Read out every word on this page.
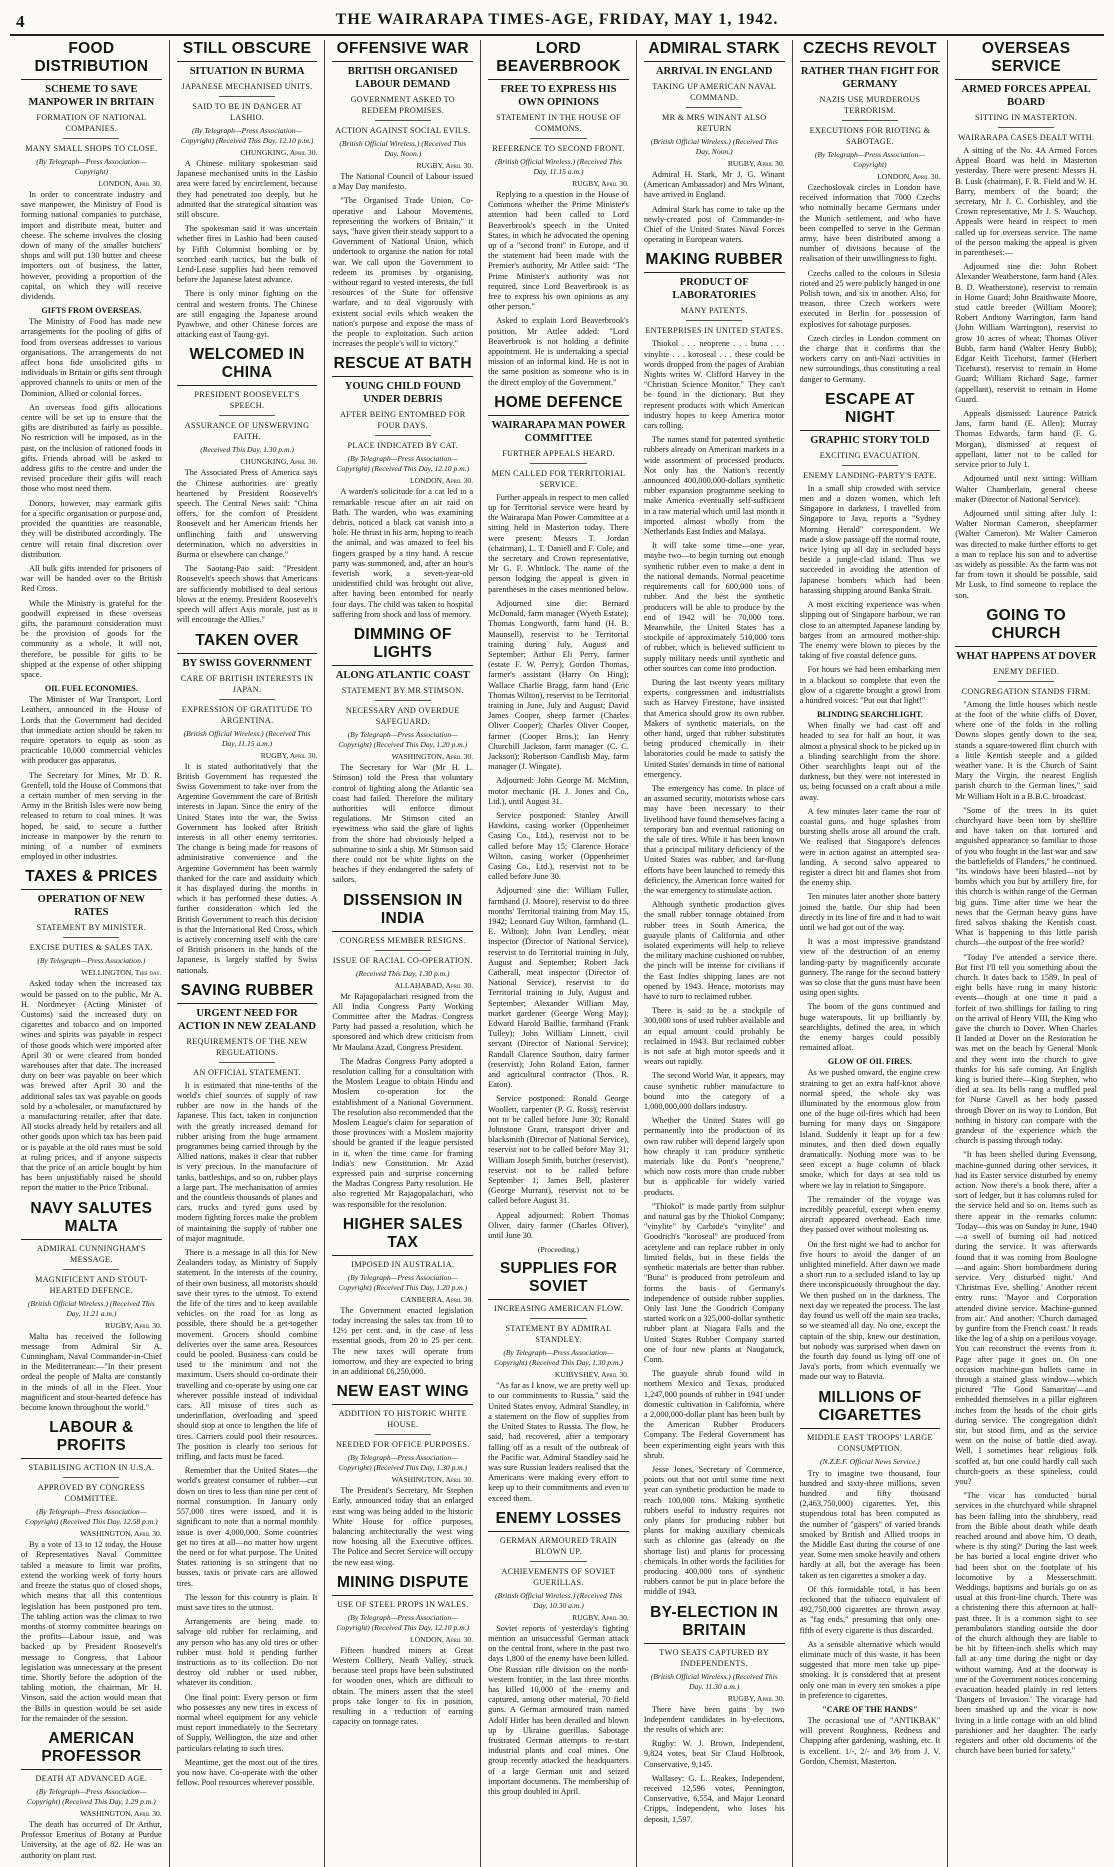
4	THE WAIRARAPA TIMES-AGE, FRIDAY, MAY 1, 1942.
FOOD DISTRIBUTION
SCHEME TO SAVE MANPOWER IN BRITAIN
FORMATION OF NATIONAL COMPANIES.
MANY SMALL SHOPS TO CLOSE.
(By Telegraph—Press Association—Copyright)
LONDON, April 30.

In order to concentrate industry and save manpower, the Ministry of Food is forming national companies to purchase, import and distribute meat, butter and cheese. The scheme involves the closing down of many of the smaller butchers' shops and will put 130 butter and cheese importers out of business, the latter, however, providing a proportion of the capital, on which they will receive dividends.

GIFTS FROM OVERSEAS.

The Ministry of Food has made new arrangements for the pooling of gifts of food from overseas addresses to various organisations. The arrangements do not affect bona fide unsolicited gifts to individuals in Britain or gifts sent through approved channels to units or men of the Dominion, Allied or colonial forces.

An overseas food gifts allocations centre will be set up to ensure that the gifts are distributed as fairly as possible. No restriction will be imposed, as in the past, on the inclusion of rationed foods in gifts. Friends abroad will be asked to address gifts to the centre and under the revised procedure their gifts will reach those who most need them.

Donors, however, may earmark gifts for a specific organisation or purpose and, provided the quantities are reasonable, they will be distributed accordingly. The centre will retain final discretion over distribution.

All bulk gifts intended for prisoners of war will be handed over to the British Red Cross.

While the Ministry is grateful for the goodwill expressed in these overseas gifts, the paramount consideration must be the provision of goods for the community as a whole. It will not, therefore, be possible for gifts to be shipped at the expense of other shipping space.

OIL FUEL ECONOMIES.

The Minister of War Transport, Lord Leathers, announced in the House of Lords that the Government had decided that immediate action should be taken to require operators to equip as soon as practicable 10,000 commercial vehicles with producer gas apparatus.

The Secretary for Mines, Mr D. R. Grenfell, told the House of Commons that a certain number of men serving in the Army in the British Isles were now being released to return to coal mines. It was hoped, he said, to secure a further increase in manpower by the return to mining of a number of exminers employed in other industries.

TAXES & PRICES
OPERATION OF NEW RATES
STATEMENT BY MINISTER.
EXCISE DUTIES & SALES TAX.
(By Telegraph—Press Association.)
WELLINGTON, This day.

Asked today when the increased tax would be passed on to the public, Mr A. H. Nordmeyer (Acting Minister of Customs) said the increased duty on cigarettes and tobacco and on imported wines and spirits was payable in respect of those goods which were imported after April 30 or were cleared from bonded warehouses after that date. The increased duty on beer was payable on beer which was brewed after April 30 and the additional sales tax was payable on goods sold by a wholesaler, or manufactured by a manufacturing retailer, after that date. All stocks already held by retailers and all other goods upon which tax has been paid or is payable at the old rates must be sold at ruling prices, and if anyone suspects that the price of an article bought by him has been unjustifiably raised he should report the matter to the Price Tribunal.

NAVY SALUTES MALTA
ADMIRAL CUNNINGHAM'S MESSAGE.
MAGNIFICENT AND STOUT-HEARTED DEFENCE.
(British Official Wireless.) (Received This Day, 11.21 a.m.)
RUGBY, April 30.

Malta has received the following message from Admiral Sir A. Cunningham, Naval Commander-in-Chief in the Mediterranean:—"In their present ordeal the people of Malta are constantly in the minds of all in the Fleet. Your magnificent and stout-hearted defence has become known throughout the world."

LABOUR & PROFITS
STABILISING ACTION IN U.S.A.
APPROVED BY CONGRESS COMMITTEE.
(By Telegraph—Press Association—Copyright) (Received This Day, 12.58 p.m.)
WASHINGTON, April 30.

By a vote of 13 to 12 today, the House of Representatives Naval Committee tabled a measure to limit war profits, extend the working week of forty hours and freeze the status quo of closed shops, which means that all this contentious legislation has been postponed pro tem. The tabling action was the climax to two months of stormy committee hearings on the profits—Labour issue, and was backed up by President Roosevelt's message to Congress, that Labour legislation was unnecessary at the present time. Shortly before the adoption of the tabling motion, the chairman, Mr H. Vinson, said the action would mean that the Bills in question would be set aside for the remainder of the session.

AMERICAN PROFESSOR
DEATH AT ADVANCED AGE.
(By Telegraph—Press Association—Copyright) (Received This Day, 1.29 p.m.)
WASHINGTON, April 30.

The death has occurred of Dr Arthur, Professor Emeritus of Botany at Purdue University, at the age of 82. He was an authority on plant rust.

STILL OBSCURE
SITUATION IN BURMA
JAPANESE MECHANISED UNITS.
SAID TO BE IN DANGER AT LASHIO.
(By Telegraph—Press Association—Copyright) (Received This Day, 12.10 p.m.)
CHUNGKING, April 30.

A Chinese military spokesman said Japanese mechanised units in the Lashio area were faced by encirclement, because they had penetrated too deeply, but he admitted that the strategical situation was still obscure.

The spokesman said it was uncertain whether fires in Lashio had been caused by Fifth Columnist bombing or by scorched earth tactics, but the bulk of Lend-Lease supplies had been removed before the Japanese latest advance.

There is only minor fighting on the central and western fronts. The Chinese are still engaging the Japanese around Pyawbwe, and other Chinese forces are attacking east of Taung-gyi.

WELCOMED IN CHINA
PRESIDENT ROOSEVELT'S SPEECH.
ASSURANCE OF UNSWERVING FAITH.
(Received This Day, 1.30 p.m.)
CHUNGKING, April 30.

The Associated Press of America says the Chinese authorities are greatly heartened by President Roosevelt's speech. The Central News said: "China offers, for the comfort of President Roosevelt and her American friends her unflinching faith and unswerving determination, which no adversities in Burma or elsewhere can change."

The Saotang-Pao said: "President Roosevelt's speech shows that Americans are sufficiently mobilised to deal serious blows at the enemy. President Roosevelt's speech will affect Axis morale, just as it will encourage the Allies."

TAKEN OVER
BY SWISS GOVERNMENT
CARE OF BRITISH INTERESTS IN JAPAN.
EXPRESSION OF GRATITUDE TO ARGENTINA.
(British Official Wireless.) (Received This Day, 11.15 a.m.)
RUGBY, April 30.

It is stated authoritatively that the British Government has requested the Swiss Government to take over from the Argentine Government the care of British interests in Japan. Since the entry of the United States into the war, the Swiss Government has looked after British interests in all other enemy territories. The change is being made for reasons of administrative convenience and the Argentine Government has been warmly thanked for the care and assiduity which it has displayed during the months in which it has performed these duties. A further consideration which led the British Government to reach this decision is that the International Red Cross, which is actively concerning itself with the care of British prisoners in the hands of the Japanese, is largely staffed by Swiss nationals.

SAVING RUBBER
URGENT NEED FOR ACTION IN NEW ZEALAND
REQUIREMENTS OF THE NEW REGULATIONS.
AN OFFICIAL STATEMENT.

It is estimated that nine-tenths of the world's chief sources of supply of raw rubber are now in the hands of the Japanese. This fact, taken in conjunction with the greatly increased demand for rubber arising from the huge armament programmes being carried through by the Allied nations, makes it clear that rubber is very precious. In the manufacture of tanks, battleships, and so on, rubber plays a large part. The mechanisation of armies and the countless thousands of planes and cars, trucks and tyred guns used by modern fighting forces make the problem of maintaining the supply of rubber one of major magnitude.

There is a message in all this for New Zealanders today, as Ministry of Supply statement. In the interests of the country, of their own business, all motorists should save their tyres to the utmost. To extend the life of the tires and to keep available vehicles on the road for as long as possible, there should be a get-together movement. Grocers should combine deliveries over the same area. Resources could be pooled. Business cars could be used to the minimum and not the maximum. Users should co-ordinate their travelling and co-operate by using one car wherever possible instead of individual cars. All misuse of tires such as underinflation, overloading and speed should stop at once to lengthen the life of tires. Carriers could pool their resources. The position is clearly too serious for trifling, and facts must be faced.

Remember that the United States—the world's greatest consumer of rubber—cut down on tires to less than nine per cent of normal consumption. In January only 557,000 tires were issued, and it is significant to note that a normal monthly issue is over 4,000,000. Some countries get no tires at all—no matter how urgent the need or for what purpose. The United States rationing is so stringent that no busses, taxis or private cars are allowed tires.

The lesson for this country is plain. It must save tires to the utmost.

Arrangements are being made to salvage old rubber for reclaiming, and any person who has any old tires or other rubber must hold it pending further instructions as to its collection. Do not destroy old rubber or used rubber, whatever its condition.

One final point: Every person or firm who possesses any new tires in excess of normal wheel equipment for any vehicle must report immediately to the Secretary of Supply, Wellington, the size and other particulars relating to such tires.

Meantime, get the most out of the tires you now have. Co-operate with the other fellow. Pool resources wherever possible.

OFFENSIVE WAR
BRITISH ORGANISED LABOUR DEMAND
GOVERNMENT ASKED TO REDEEM PROMISES.
ACTION AGAINST SOCIAL EVILS.
(British Official Wireless.) (Received This Day, Noon.)
RUGBY, April 30.

The National Council of Labour issued a May Day manifesto.

"The Organised Trade Union, Co-operative and Labour Movements, representing the workers of Britain," it says, "have given their steady support to a Government of National Union, which undertook to organise the nation for total war. We call upon the Government to redeem its promises by organising, without regard to vested interests, the full resources of the State for offensive warfare, and to deal vigorously with existent social evils which weaken the nation's purpose and expose the mass of the people to exploitation. Such action increases the people's will to victory."

RESCUE AT BATH
YOUNG CHILD FOUND UNDER DEBRIS
AFTER BEING ENTOMBED FOR FOUR DAYS.
PLACE INDICATED BY CAT.
(By Telegraph—Press Association—Copyright) (Received This Day, 12.10 p.m.)
LONDON, April 30.

A warden's solicitude for a cat led to a remarkable rescue after an air raid on Bath. The warden, who was examining debris, noticed a black cat vanish into a hole. He thrust in his arm, hoping to reach the animal, and was amazed to feel his fingers grasped by a tiny hand. A rescue party was summoned, and, after an hour's feverish work, a seven-year-old unidentified child was brought out alive, after having been entombed for nearly four days. The child was taken to hospital suffering from shock and loss of memory.

DIMMING OF LIGHTS
ALONG ATLANTIC COAST
STATEMENT BY MR STIMSON.
NECESSARY AND OVERDUE SAFEGUARD.
(By Telegraph—Press Association—Copyright) (Received This Day, 1.20 p.m.)
WASHINGTON, April 30.

The Secretary for War (Mr H. L. Stimson) told the Press that voluntary control of lighting along the Atlantic sea coast had failed. Therefore the military authorities will enforce dimout regulations. Mr Stimson cited an eyewitness who said the glare of lights from the shore had obviously helped a submarine to sink a ship. Mr Stimson said there could not be white lights on the beaches if they endangered the safety of sailors.

DISSENSION IN INDIA
CONGRESS MEMBER RESIGNS.
ISSUE OF RACIAL CO-OPERATION.
(Received This Day, 1.30 p.m.)
ALLAHABAD, April 30.

Mr Rajagopalachari resigned from the All India Congress Party Working Committee after the Madras Congress Party had passed a resolution, which he sponsored and which drew criticism from Mr Maulana Azad, Congress President.

The Madras Congress Party adopted a resolution calling for a consultation with the Moslem League to obtain Hindu and Moslem co-operation for the establishment of a National Government. The resolution also recommended that the Moslem League's claim for separation of those provinces with a Moslem majority should be granted if the league persisted in it, when the time came for framing India's new Constitution. Mr Azad expressed pain and surprise concerning the Madras Congress Party resolution. He also regretted Mr Rajagopalachari, who was responsible for the resolution.

HIGHER SALES TAX
IMPOSED IN AUSTRALIA.
(By Telegraph—Press Association—Copyright) (Received This Day, 1.20 p.m.)
CANBERRA, April 30.

The Government enacted legislation today increasing the sales tax from 10 to 12½ per cent. and, in the case of less essential goods, from 20 to 25 per cent. The new taxes will operate from tomorrow, and they are expected to bring in an additional £6,250,000.

NEW EAST WING
ADDITION TO HISTORIC WHITE HOUSE.
NEEDED FOR OFFICE PURPOSES.
(By Telegraph—Press Association—Copyright) (Received This Day, 1.30 p.m.)
WASHINGTON, April 30.

The President's Secretary, Mr Stephen Early, announced today that an enlarged east wing was being added to the historic White House for office purposes, balancing architecturally the west wing now housing all the Executive offices. The Police and Secret Service will occupy the new east wing.

MINING DISPUTE
USE OF STEEL PROPS IN WALES.
(By Telegraph—Press Association—Copyright) (Received This Day, 12.10 p.m.)
LONDON, April 30.

Fifteen hundred miners at Great Western Colliery, Neath Valley, struck because steel props have been substituted for wooden ones, which are difficult to obtain. The miners assert that the steel props take longer to fix in position, resulting in a reduction of earning capacity on tonnage rates.

LORD BEAVERBROOK
FREE TO EXPRESS HIS OWN OPINIONS
STATEMENT IN THE HOUSE OF COMMONS.
REFERENCE TO SECOND FRONT.
(British Official Wireless.) (Received This Day, 11.15 a.m.)
RUGBY, April 30.

Replying to a question in the House of Commons whether the Prime Minister's attention had been called to Lord Beaverbrook's speech in the United States, in which he advocated the opening up of a "second front" in Europe, and if the statement had been made with the Premier's authority, Mr Attlee said: "The Prime Minister's authority was not required, since Lord Beaverbrook is as free to express his own opinions as any other person."

Asked to explain Lord Beaverbrook's position, Mr Attlee added: "Lord Beaverbrook is not holding a definite appointment. He is undertaking a special mission of an informal kind. He is not in the same position as someone who is in the direct employ of the Government."

HOME DEFENCE
WAIRARAPA MAN POWER COMMITTEE
FURTHER APPEALS HEARD.
MEN CALLED FOR TERRITORIAL SERVICE.

Further appeals in respect to men called up for Territorial service were heard by the Wairarapa Man Power Committee at a sitting held in Masterton today. There were present: Messrs T. Jordan (chairman), L. T. Daniell and F. Cole, and the secretary and Crown representative, Mr G. F. Whitlock. The name of the person lodging the appeal is given in parentheses in the cases mentioned below.

Adjourned sine die: Bernard McDonald, farm manager (Wyeth Estate); Thomas Longworth, farm hand (H. B. Maunsell), reservist to be Territorial training during July, August and September; Arthur Eli Perry, farmer (estate F. W. Perry); Gordon Thomas, farmer's assistant (Harry On Hing); Wallace Charlie Bragg, farm hand (Eric Thomas Wilton), reservist to be Territorial training in June, July and August; David James Cooper, sheep farmer (Charles Oliver Cooper); Charles Oliver Cooper, farmer (Cooper Bros.); Ian Henry Churchill Jackson, farm manager (C. C. Jackson); Robertson Candlish May, farm manager (J. Wingate).

Adjourned: John George M. McMinn, motor mechanic (H. J. Jones and Co., Ltd.), until August 31.

Service postponed: Stanley Atwill Hawkins, casing worker (Oppenheimer Casing Co., Ltd.), reservist not to be called before May 15; Clarence Horace Wilton, casing worker (Oppenheimer Casing Co., Ltd.), reservist not to be called before June 30.

Adjourned sine die: William Fuller, farmhand (J. Moore), reservist to do three months' Territorial training from May 15, 1942; Leonard Guy Wilton, farmhand (L. E. Wilton); John Ivan Lendley, meat inspector (Director of National Service), reservist to do Territorial training in July, August and September; Robert Jack Catherall, meat inspector (Director of National Service), reservist to do Territorial training in July, August and September; Alexander William May, market gardener (George Wong May); Edward Harold Baillie, farmhand (Frank Tulley); John William Linnett, civil servant (Director of National Service); Randall Clarence Southon, dairy farmer (reservist); John Roland Eaton, farmer and agricultural contractor (Thos. R. Eaton).

Service postponed: Ronald George Woollett, carpenter (P. G. Ross), reservist not to be called before June 30; Ronald Johnstone Grant, transport driver and blacksmith (Director of National Service), reservist not to be called before May 31; William Joseph Smith, butcher (reservist), reservist not to be called before September 1; James Bell, plasterer (George Murrant), reservist not to be called before August 31.

Appeal adjourned: Robert Thomas Oliver, dairy farmer (Charles Oliver), until June 30.

(Proceeding.)
SUPPLIES FOR SOVIET
INCREASING AMERICAN FLOW.
STATEMENT BY ADMIRAL STANDLEY.
(By Telegraph—Press Association—Copyright) (Received This Day, 1.30 p.m.)
KUIBYSHEV, April 30.

"As far as I know, we are pretty well up to our commitments to Russia," said the United States envoy, Admiral Standley, in a statement on the flow of supplies from the United States to Russia. The flow, he said, had recovered, after a temporary falling off as a result of the outbreak of the Pacific war. Admiral Standley said he was sure Russian leaders realised that the Americans were making every effort to keep up to their commitments and even to exceed them.

ENEMY LOSSES
GERMAN ARMOURED TRAIN BLOWN UP.
ACHIEVEMENTS OF SOVIET GUERILLAS.
(British Official Wireless.) (Received This Day, 10.30 a.m.)
RUGBY, April 30.

Soviet reports of yesterday's fighting mention an unsuccessful German attack on the central front, where in the past two days 1,800 of the enemy have been killed. One Russian rifle division on the north-western frontier, in the last three months has killed 10,000 of the enemy and captured, among other material, 70 field guns. A German armoured train named Adolf Hitler has been derailed and blown up by Ukraine guerillas. Sabotage frustrated German attempts to re-start industrial plants and coal mines. One group recently attacked the headquarters of a large German unit and seized important documents. The membership of this group doubled in April.

ADMIRAL STARK
ARRIVAL IN ENGLAND
TAKING UP AMERICAN NAVAL COMMAND.
MR & MRS WINANT ALSO RETURN
(British Official Wireless.) (Received This Day, Noon.)
RUGBY, April 30.

Admiral H. Stark, Mr J. G. Winant (American Ambassador) and Mrs Winant, have arrived in England.

Admiral Stark has come to take up the newly-created post of Commander-in-Chief of the United States Naval Forces operating in European waters.

MAKING RUBBER
PRODUCT OF LABORATORIES
MANY PATENTS.
ENTERPRISES IN UNITED STATES.

Thiokol . . . neoprene . . . buna . . . vinylite . . . koroseal . . . these could be words dropped from the pages of Arabian Nights writes W. Clifford Harvey in the "Christian Science Monitor." They can't be found in the dictionary. But they represent products with which American industry hopes to keep America motor cars rolling.

The names stand for patented synthetic rubbers already on American markets in a wide assortment of processed products. Not only has the Nation's recently announced 400,000,000-dollars synthetic rubber expansion programme seeking to make America eventually self-sufficient in a raw material which until last month it imported almost wholly from the Netherlands East Indies and Malaya.

It will take some time—one year, maybe two—to begin turning out enough synthetic rubber even to make a dent in the national demands. Normal peacetime requirements call for 600,000 tons of rubber. And the best the synthetic producers will be able to produce by the end of 1942 will be 70,000 tons. Meanwhile, the United States has a stockpile of approximately 510,000 tons of rubber, which is believed sufficient to supply military needs until synthetic and other sources can come into production.

During the last twenty years military experts, congressmen and industrialists such as Harvey Firestone, have insisted that America should grow its own rubber. Makers of synthetic materials, on the other hand, urged that rubber substitutes being produced chemically in their laboratories could be made to satisfy the United States' demands in time of national emergency.

The emergency has come. In place of an assumed security, motorists whose cars may have been necessary to their livelihood have found themselves facing a temporary ban and eventual rationing on the sale of tires. While it has been known that a principal military deficiency of the United States was rubber, and far-flung efforts have been launched to remedy this deficiency, the American force waited for the war emergency to stimulate action.

Although synthetic production gives the small rubber tonnage obtained from rubber trees in South America, the guayule plants of California and other isolated experiments will help to relieve the military machine cushioned on rubber, the pinch will be intense for civilians if the East Indies shipping lanes are not opened by 1943. Hence, motorists may have to turn to reclaimed rubber.

There is said to be a stockpile of 300,000 tons of used rubber available and an equal amount could probably be reclaimed in 1943. But reclaimed rubber is not safe at high motor speeds and it wears out rapidly.

The second World War, it appears, may cause synthetic rubber manufacture to bound into the category of a 1,000,000,000 dollars industry.

Whether the United States will go permanently into the production of its own raw rubber will depend largely upon how cheaply it can produce synthetic materials like du Pont's "neoprene," which now costs more than crude rubber but is applicable for widely varied products.

"Thiokol" is made partly from sulphur and natural gas by the Thiokol Company; "vinylite" by Carbide's "vinylite" and Goodrich's "koroseal" are produced from acetylene and can replace rubber in only limited fields, but in these fields the synthetic materials are better than rubber. "Buna" is produced from petroleum and forms the basis of Germany's independence of outside rubber supplies. Only last June the Goodrich Company started work on a 325,000-dollar synthetic rubber plant at Niagara Falls and the United States Rubber Company started one of four new plants at Naugatuck, Conn.

The guayule shrub found wild in northern Mexico and Texas, produced 1,247,000 pounds of rubber in 1941 under domestic cultivation in California, where a 2,000,000-dollar plant has been built by the American Rubber Producers Company. The Federal Government has been experimenting eight years with this shrub.

Jesse Jones, Secretary of Commerce, points out that not until some time next year can synthetic production be made to reach 100,000 tons. Making synthetic rubbers useful to industry requires not only plants for producing rubber but plants for making auxiliary chemicals such as chlorine gas (already on the shortage list) and plants for processing chemicals. In other words the facilities for producing 400,000 tons of synthetic rubbers cannot be put in place before the middle of 1943.

BY-ELECTION IN BRITAIN
TWO SEATS CAPTURED BY INDEPENDENTS.
(British Official Wireless.) (Received This Day, 11.30 a.m.)
RUGBY, April 30.

There have been gains by two Independent candidates in by-elections, the results of which are:

Rugby: W. J. Brown, Independent, 9,824 votes, beat Sir Claud Holbrook, Conservative, 9,145.

Wallasey: G. L. Reakes, Independent, received 12,596 votes, Pennington, Conservative, 6,554, and Major Leonard Cripps, Independent, who loses his deposit, 1,597.

CZECHS REVOLT
RATHER THAN FIGHT FOR GERMANY
NAZIS USE MURDEROUS TERRORISM.
EXECUTIONS FOR RIOTING & SABOTAGE.
(By Telegraph—Press Association—Copyright)
LONDON, April 30.

Czechoslovak circles in London have received information that 7000 Czechs who nominally became Germans under the Munich settlement, and who have been compelled to serve in the German army, have been distributed among a number of divisions because of the realisation of their unwillingness to fight.

Czechs called to the colours in Silesia rioted and 25 were publicly hanged in one Polish town, and six in another. Also, for treason, three Czech workers were executed in Berlin for possession of explosives for sabotage purposes.

Czech circles in London comment on the charge that it confirms that the workers carry on anti-Nazi activities in new surroundings, thus constituting a real danger to Germany.

ESCAPE AT NIGHT
GRAPHIC STORY TOLD
EXCITING EVACUATION.
ENEMY LANDING-PARTY'S FATE.

In a small ship crowded with service men and a dozen women, which left Singapore in darkness, I travelled from Singapore to Java, reports a "Sydney Morning Herald" correspondent. We made a slow passage off the normal route, twice lying up all day in secluded bays beside a jungle-clad island. Thus we succeeded in avoiding the attention of Japanese bombers which had been harassing shipping around Banka Strait.

A most exciting experience was when slipping out of Singapore harbour, we ran close to an attempted Japanese landing by barges from an armoured mother-ship. The enemy were blown to pieces by the taking of five coastal defence guns.

For hours we had been embarking men in a blackout so complete that even the glow of a cigarette brought a growl from a hundred voices: "Put out that light!"

BLINDING SEARCHLIGHT.

When finally we had cast off and headed to sea for half an hour, it was almost a physical shock to be picked up in a blinding searchlight from the shore. Other searchlights leapt out of the darkness, but they were not interested in us, being focussed on a craft about a mile away.

A few minutes later came the roar of coastal guns, and huge splashes from bursting shells arose all around the craft. We realised that Singapore's defences were in action against an attempted sea-landing. A second salvo appeared to register a direct hit and flames shot from the enemy ship.

Ten minutes later another shore battery joined the battle. Our ship had been directly in its line of fire and it had to wait until we had got out of the way.

It was a most impressive grandstand view of the destruction of an enemy landing-party by magnificently accurate gunnery. The range for the second battery was so close that the guns must have been using open sights.

The boom of the guns continued and huge waterspouts, lit up brilliantly by searchlights, defined the area, in which the enemy barges could possibly remained afloat.

GLOW OF OIL FIRES.

As we pushed onward, the engine crew straining to get an extra half-knot above normal speed, the whole sky was illuminated by the enormous glow from one of the huge oil-fires which had been burning for many days on Singapore Island. Suddenly it leapt up for a few minutes, and then died down equally dramatically. Nothing more was to be seen except a huge column of black smoke, which for days at sea told us where we lay in relation to Singapore.

The remainder of the voyage was incredibly peaceful, except when enemy aircraft appeared overhead. Each time they passed over without molesting us.

On the first night we had to anchor for five hours to avoid the danger of an unlighted minefield. After dawn we made a short run to a secluded island to lay up there inconspicuously throughout the day. We then pushed on in the darkness. The next day we repeated the process. The last day found us well off the main sea tracks, so we steamed all day. No one, except the captain of the ship, knew our destination, but nobody was surprised when dawn on the fourth day found us lying off one of Java's ports, from which eventually we made our way to Batavia.

MILLIONS OF CIGARETTES
MIDDLE EAST TROOPS' LARGE CONSUMPTION.
(N.Z.E.F. Official News Service.)

Try to imagine two thousand, four hundred and sixty-three millions, seven hundred and fifty thousand (2,463,750,000) cigarettes. Yet, this stupendous total has been computed as the number of "gaspers" of varied brands smoked by British and Allied troops in the Middle East during the course of one year. Some men smoke heavily and others hardly at all, but the average has been taken as ten cigarettes a smoker a day.

Of this formidable total, it has been reckoned that the tobacco equivalent of 492,750,000 cigarettes are thrown away as "fag ends," presuming that only one-fifth of every cigarette is thus discarded.

As a sensible alternative which would eliminate much of this waste, it has been suggested that more men take up pipe-smoking. It is considered that at present only one man in every ten smokes a pipe in preference to cigarettes.

"CARE OF THE HANDS"

The occasional use of "ANTIKBAK" will prevent Roughness, Redness and Chapping after gardening, washing, etc. It is excellent. 1/-, 2/- and 3/6 from J. V. Gordon, Chemist, Masterton.

OVERSEAS SERVICE
ARMED FORCES APPEAL BOARD
SITTING IN MASTERTON.
WAIRARAPA CASES DEALT WITH.

A sitting of the No. 4A Armed Forces Appeal Board was held in Masterton yesterday. There were present: Messrs H. B. Lusk (chairman), F. R. Field and W. H. Barry, members of the board; the secretary, Mr J. C. Corbishley, and the Crown representative, Mr J. S. Wauchop. Appeals were heard in respect to men called up for overseas service. The name of the person making the appeal is given in parentheses:—

Adjourned sine die: John Robert Alexander Weatherstone, farm hand (Alex B. D. Weatherstone), reservist to remain in Home Guard; John Braithwaite Moore, stud cattle breeder (William Moore); Robert Anthony Warrington, farm hand (John William Warrington), reservist to grow 10 acres of wheat; Thomas Oliver Bubb, farm hand (Walter Henry Bubb); Edgar Keith Ticehurst, farmer (Herbert Ticehurst), reservist to remain in Home Guard; William Richard Sage, farmer (appellant), reservist to remain in Home Guard.

Appeals dismissed: Laurence Patrick Jans, farm hand (E. Allen); Murray Thomas Edwards, farm hand (F. G. Morgan), dismissed at request of appellant, latter not to be called for service prior to July 1.

Adjourned until next sitting: William Walter Chamberlain, general cheese maker (Director of National Service).

Adjourned until sitting after July 1: Walter Norman Cameron, sheepfarmer (Walter Cameron). Mr Walter Cameron was directed to make further efforts to get a man to replace his son and to advertise as widely as possible. As the farm was not far from town it should be possible, said Mr Lusk, to find someone to replace the son.

GOING TO CHURCH
WHAT HAPPENS AT DOVER
ENEMY DEFIED.
CONGREGATION STANDS FIRM.

"Among the little houses which nestle at the foot of the white cliffs of Dover, where one of the folds in the rolling Downs slopes gently down to the sea, stands a square-towered flint church with a little Kentish steeple and a gilded weather vane. It is the Church of Saint Mary the Virgin, the nearest English parish church to the German lines," said Mr William Holt in a B.B.C. broadcast.

"Some of the trees in its quiet churchyard have been torn by shellfire and have taken on that tortured and anguished appearance so familiar to those of you who fought in the last war and saw the battlefields of Flanders," he continued. "Its windows have been blasted—not by bombs which you but by artillery fire, for this church is within range of the German big guns. Time after time we hear the news that the German heavy guns have fired salvos shaking the Kentish coast. What is happening to this little parish church—the outpost of the free world?

"Today I've attended a service there. But first I'll tell you something about the church. It dates back to 1589. In peal of eight bells have rung in many historic events—though at one time it paid a forfeit of two shillings for failing to ring on the arrival of Henry VIII, the King who gave the church to Dover. When Charles II landed at Dover on the Restoration he was met on the beach by General Monk and they went into the church to give thanks for his safe coming. An English king is buried there—King Stephen, who died at sea. Its bells rang a muffled peal for Nurse Cavell as her body passed through Dover on its way to London. But nothing in history can compare with the grandeur of the experience which the church is passing through today.

"It has been shelled during Evensong, machine-gunned during other services, it had its Easter service disturbed by enemy action. Now there's a book there, after a sort of ledger, but it has columns ruled for the service held and so on. Items such as there appear in the remarks column: 'Today—this was on Sunday in June, 1940—a swell of burning oil had noticed during the service. It was afterwards found that it was coming from Boulogne—and again: Short bombardment during service. Very disturbed night.' And 'Christmas Eve, shelling.' Another recent entry runs: 'Mayor and Corporation attended divine service. Machine-gunned from air.' And another: 'Church damaged by gunfire from the French coast.' It reads like the log of a ship on a perilous voyage. You can reconstruct the events from it. Page after page it goes on. On one occasion machine-gun bullets came in through a stained glass window—which pictured 'The Good Samaritan'—and embedded themselves in a pillar eighteen inches from the heads of the choir girls during service. The congregation didn't stir, but stood firm, and as the service went on the noise of battle died away. Well, I sometimes hear religious folk scoffed at, but one could hardly call such church-goers as these spineless, could you?

"The vicar has conducted burial services in the churchyard while shrapnel has been falling into the shrubbery, read from the Bible about death while death reached around and above him. 'O death, where is thy sting?' During the last week he has buried a local engine driver who had been shot on the footplate of his locomotive by a Messerschmitt. Weddings, baptisms and burials go on as usual at this front-line church. There was a christening there this afternoon at half-past three. It is a common sight to see perambulators standing outside the door of the church although they are liable to be hit by fifteen-inch shells which may fall at any time during the night or day without warning. And at the doorway is one of the Government notices concerning evacuation headed plainly in red letters 'Dangers of Invasion.' The vicarage had been smashed up and the vicar is now living in a little cottage with an old blind parishioner and her daughter. The early registers and other old documents of the church have been buried for safety."
